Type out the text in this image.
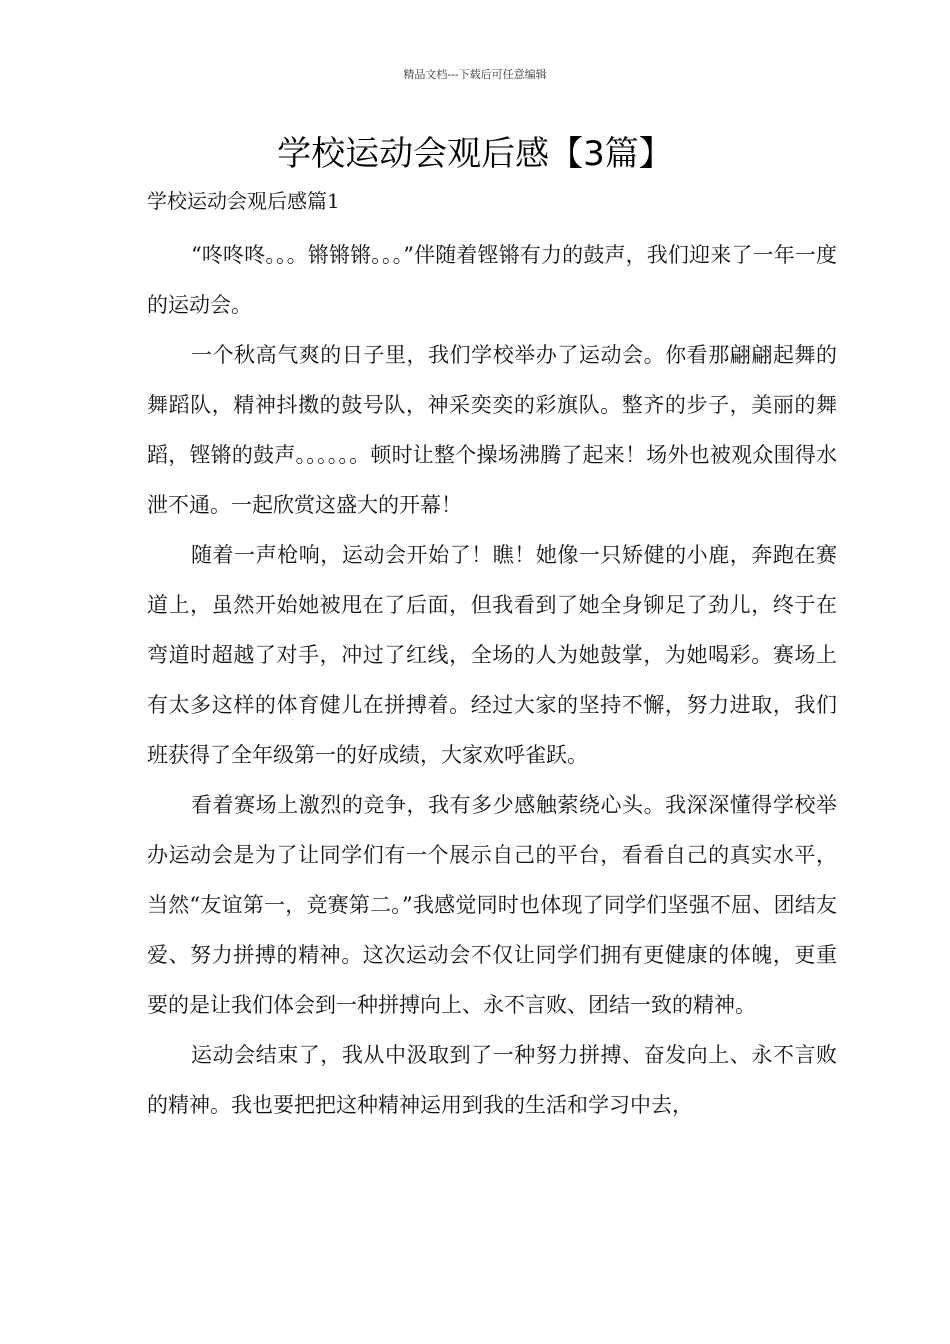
精品文档---下载后可任意编辑
学校运动会观后感【3篇】
学校运动会观后感篇1

“咚咚咚。。。锵锵锵。。。”伴随着铿锵有力的鼓声，我们迎来了一年一度的运动会。

一个秋高气爽的日子里，我们学校举办了运动会。你看那翩翩起舞的舞蹈队，精神抖擞的鼓号队，神采奕奕的彩旗队。整齐的步子，美丽的舞蹈，铿锵的鼓声。。。。。。顿时让整个操场沸腾了起来！场外也被观众围得水泄不通。一起欣赏这盛大的开幕！

随着一声枪响，运动会开始了！瞧！她像一只矫健的小鹿，奔跑在赛道上，虽然开始她被甩在了后面，但我看到了她全身铆足了劲儿，终于在弯道时超越了对手，冲过了红线，全场的人为她鼓掌，为她喝彩。赛场上有太多这样的体育健儿在拼搏着。经过大家的坚持不懈，努力进取，我们班获得了全年级第一的好成绩，大家欢呼雀跃。

看着赛场上激烈的竞争，我有多少感触萦绕心头。我深深懂得学校举办运动会是为了让同学们有一个展示自己的平台，看看自己的真实水平，当然“友谊第一，竞赛第二。”我感觉同时也体现了同学们坚强不屈、团结友爱、努力拼搏的精神。这次运动会不仅让同学们拥有更健康的体魄，更重要的是让我们体会到一种拼搏向上、永不言败、团结一致的精神。

运动会结束了，我从中汲取到了一种努力拼搏、奋发向上、永不言败的精神。我也要把把这种精神运用到我的生活和学习中去，
